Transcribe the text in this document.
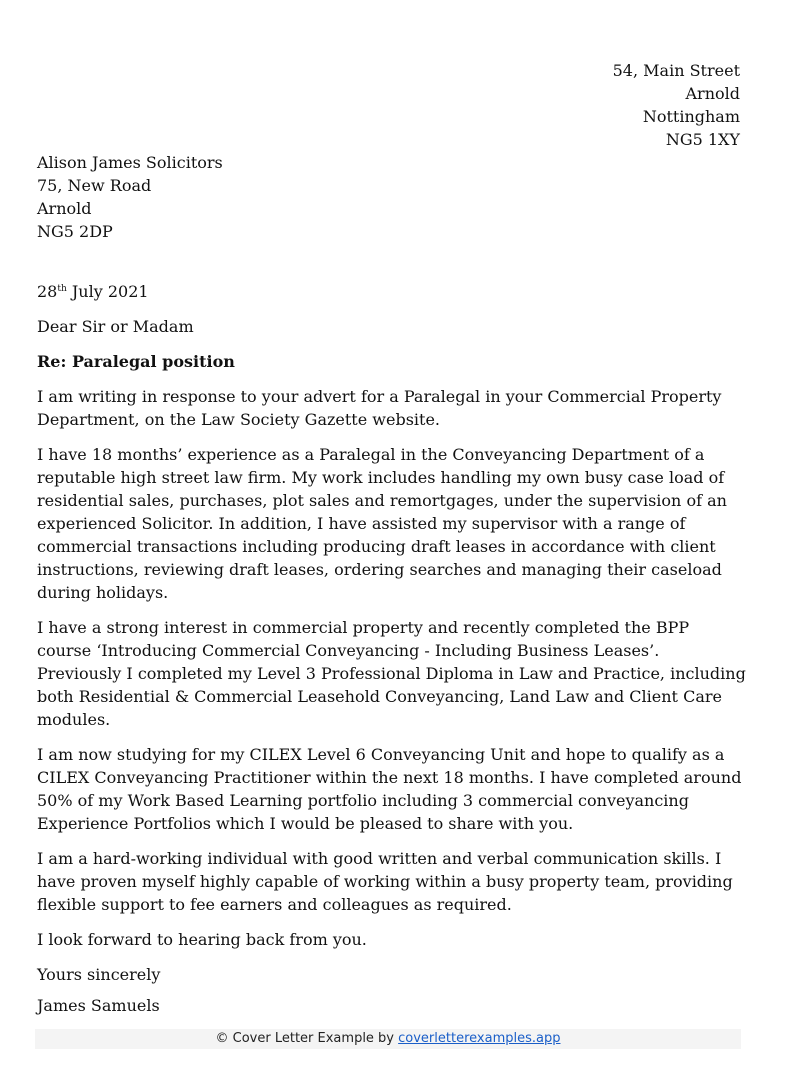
54, Main Street
Arnold
Nottingham
NG5 1XY
Alison James Solicitors
75, New Road
Arnold
NG5 2DP

28th July 2021

Dear Sir or Madam

Re: Paralegal position

I am writing in response to your advert for a Paralegal in your Commercial Property Department, on the Law Society Gazette website.

I have 18 months’ experience as a Paralegal in the Conveyancing Department of a reputable high street law firm. My work includes handling my own busy case load of residential sales, purchases, plot sales and remortgages, under the supervision of an experienced Solicitor. In addition, I have assisted my supervisor with a range of commercial transactions including producing draft leases in accordance with client instructions, reviewing draft leases, ordering searches and managing their caseload during holidays.

I have a strong interest in commercial property and recently completed the BPP course ‘Introducing Commercial Conveyancing - Including Business Leases’. Previously I completed my Level 3 Professional Diploma in Law and Practice, including both Residential & Commercial Leasehold Conveyancing, Land Law and Client Care modules.

I am now studying for my CILEX Level 6 Conveyancing Unit and hope to qualify as a CILEX Conveyancing Practitioner within the next 18 months. I have completed around 50% of my Work Based Learning portfolio including 3 commercial conveyancing Experience Portfolios which I would be pleased to share with you.

I am a hard-working individual with good written and verbal communication skills. I have proven myself highly capable of working within a busy property team, providing flexible support to fee earners and colleagues as required.

I look forward to hearing back from you.

Yours sincerely

James Samuels
© Cover Letter Example by coverletterexamples.app
